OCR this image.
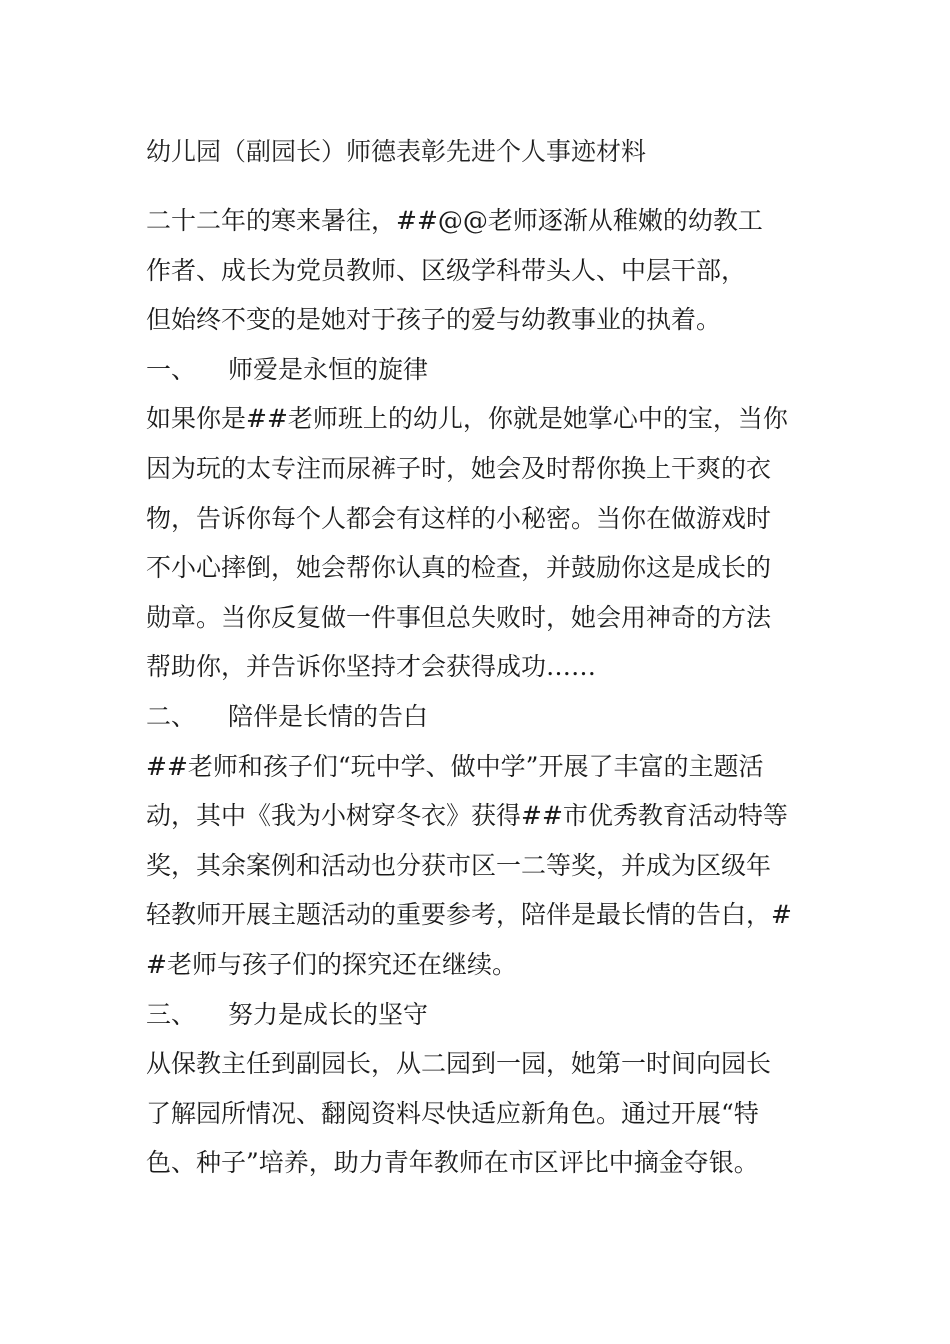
幼儿园（副园长）师德表彰先进个人事迹材料

二十二年的寒来暑往，##@@老师逐渐从稚嫩的幼教工

作者、成长为党员教师、区级学科带头人、中层干部，

但始终不变的是她对于孩子的爱与幼教事业的执着。

一、 师爱是永恒的旋律

如果你是##老师班上的幼儿，你就是她掌心中的宝，当你

因为玩的太专注而尿裤子时，她会及时帮你换上干爽的衣

物，告诉你每个人都会有这样的小秘密。当你在做游戏时

不小心摔倒，她会帮你认真的检查，并鼓励你这是成长的

勋章。当你反复做一件事但总失败时，她会用神奇的方法

帮助你，并告诉你坚持才会获得成功……

二、 陪伴是长情的告白

##老师和孩子们“玩中学、做中学”开展了丰富的主题活

动，其中《我为小树穿冬衣》获得##市优秀教育活动特等

奖，其余案例和活动也分获市区一二等奖，并成为区级年

轻教师开展主题活动的重要参考，陪伴是最长情的告白，#

#老师与孩子们的探究还在继续。

三、 努力是成长的坚守

从保教主任到副园长，从二园到一园，她第一时间向园长

了解园所情况、翻阅资料尽快适应新角色。通过开展“特

色、种子”培养，助力青年教师在市区评比中摘金夺银。
